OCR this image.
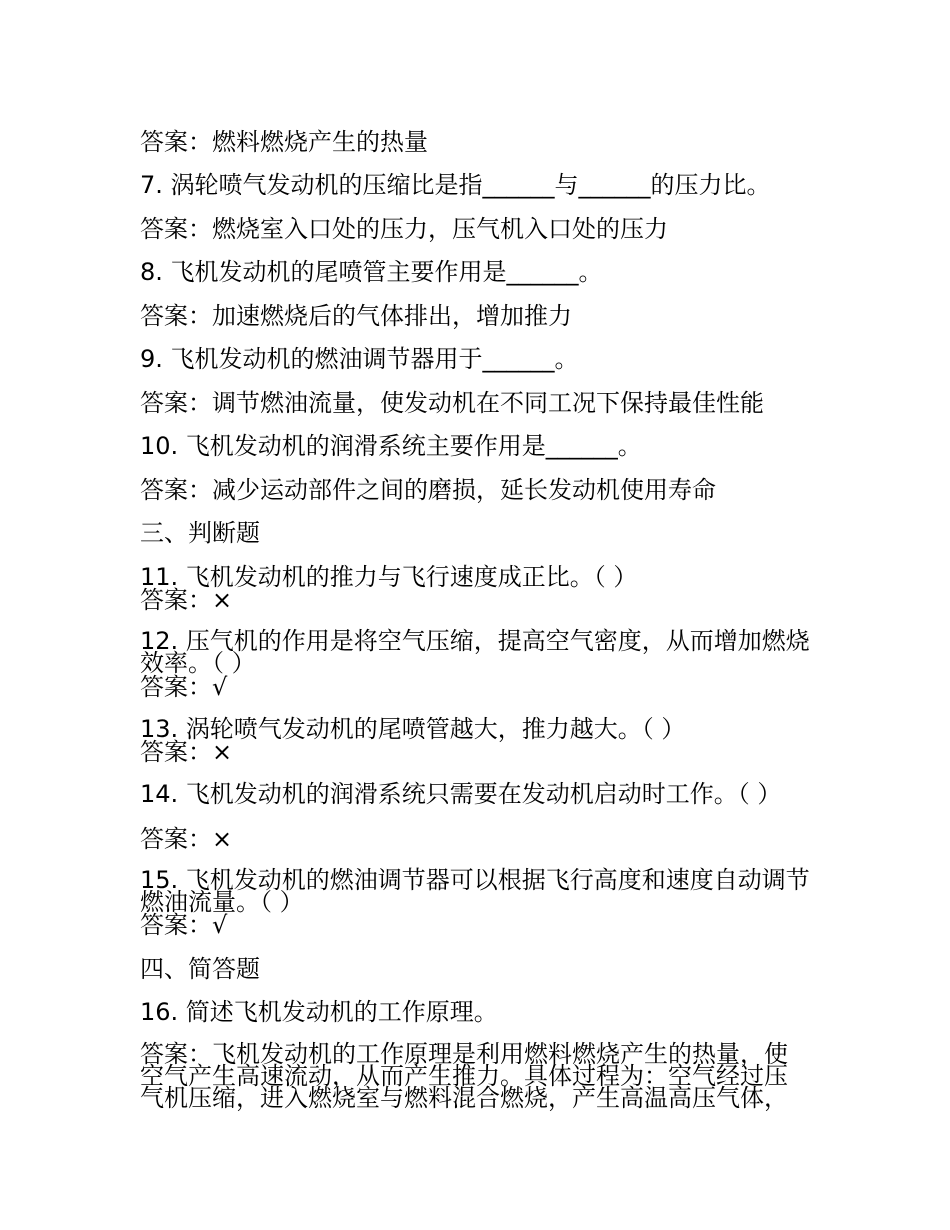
答案：燃料燃烧产生的热量

7. 涡轮喷气发动机的压缩比是指______与______的压力比。

答案：燃烧室入口处的压力，压气机入口处的压力

8. 飞机发动机的尾喷管主要作用是______。

答案：加速燃烧后的气体排出，增加推力

9. 飞机发动机的燃油调节器用于______。

答案：调节燃油流量，使发动机在不同工况下保持最佳性能

10. 飞机发动机的润滑系统主要作用是______。

答案：减少运动部件之间的磨损，延长发动机使用寿命

三、判断题

11. 飞机发动机的推力与飞行速度成正比。（ ）

答案：×

12. 压气机的作用是将空气压缩，提高空气密度，从而增加燃烧效率。（ ）

答案：√

13. 涡轮喷气发动机的尾喷管越大，推力越大。（ ）

答案：×

14. 飞机发动机的润滑系统只需要在发动机启动时工作。（ ）

答案：×

15. 飞机发动机的燃油调节器可以根据飞行高度和速度自动调节燃油流量。（ ）

答案：√

四、简答题

16. 简述飞机发动机的工作原理。

答案：飞机发动机的工作原理是利用燃料燃烧产生的热量，使空气产生高速流动，从而产生推力。具体过程为：空气经过压气机压缩，进入燃烧室与燃料混合燃烧，产生高温高压气体，
